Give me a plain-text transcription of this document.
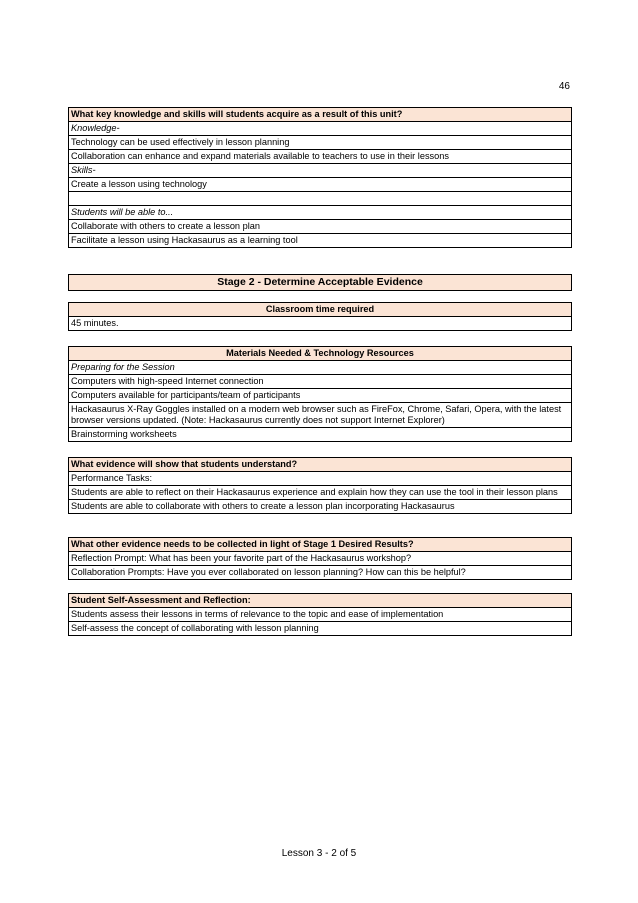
46
What key knowledge and skills will students acquire as a result of this unit?
Knowledge-
Technology can be used effectively in lesson planning
Collaboration can enhance and expand materials available to teachers to use in their lessons
Skills-
Create a lesson using technology

Students will be able to...
Collaborate with others to create a lesson plan
Facilitate a lesson using Hackasaurus as a learning tool
Stage 2 - Determine Acceptable Evidence
Classroom time required
45 minutes.
Materials Needed & Technology Resources
Preparing for the Session
Computers with high-speed Internet connection
Computers available for participants/team of participants
Hackasaurus X-Ray Goggles installed on a modern web browser such as FireFox, Chrome, Safari, Opera, with the latest browser versions updated. (Note: Hackasaurus currently does not support Internet Explorer)
Brainstorming worksheets
What evidence will show that students understand?
Performance Tasks:
Students are able to reflect on their Hackasaurus experience and explain how they can use the tool in their lesson plans
Students are able to collaborate with others to create a lesson plan incorporating Hackasaurus
What other evidence needs to be collected in light of Stage 1 Desired Results?
Reflection Prompt: What has been your favorite part of the Hackasaurus workshop?
Collaboration Prompts: Have you ever collaborated on lesson planning? How can this be helpful?
Student Self-Assessment and Reflection:
Students assess their lessons in terms of relevance to the topic and ease of implementation
Self-assess the concept of collaborating with lesson planning
Lesson 3 - 2 of 5
